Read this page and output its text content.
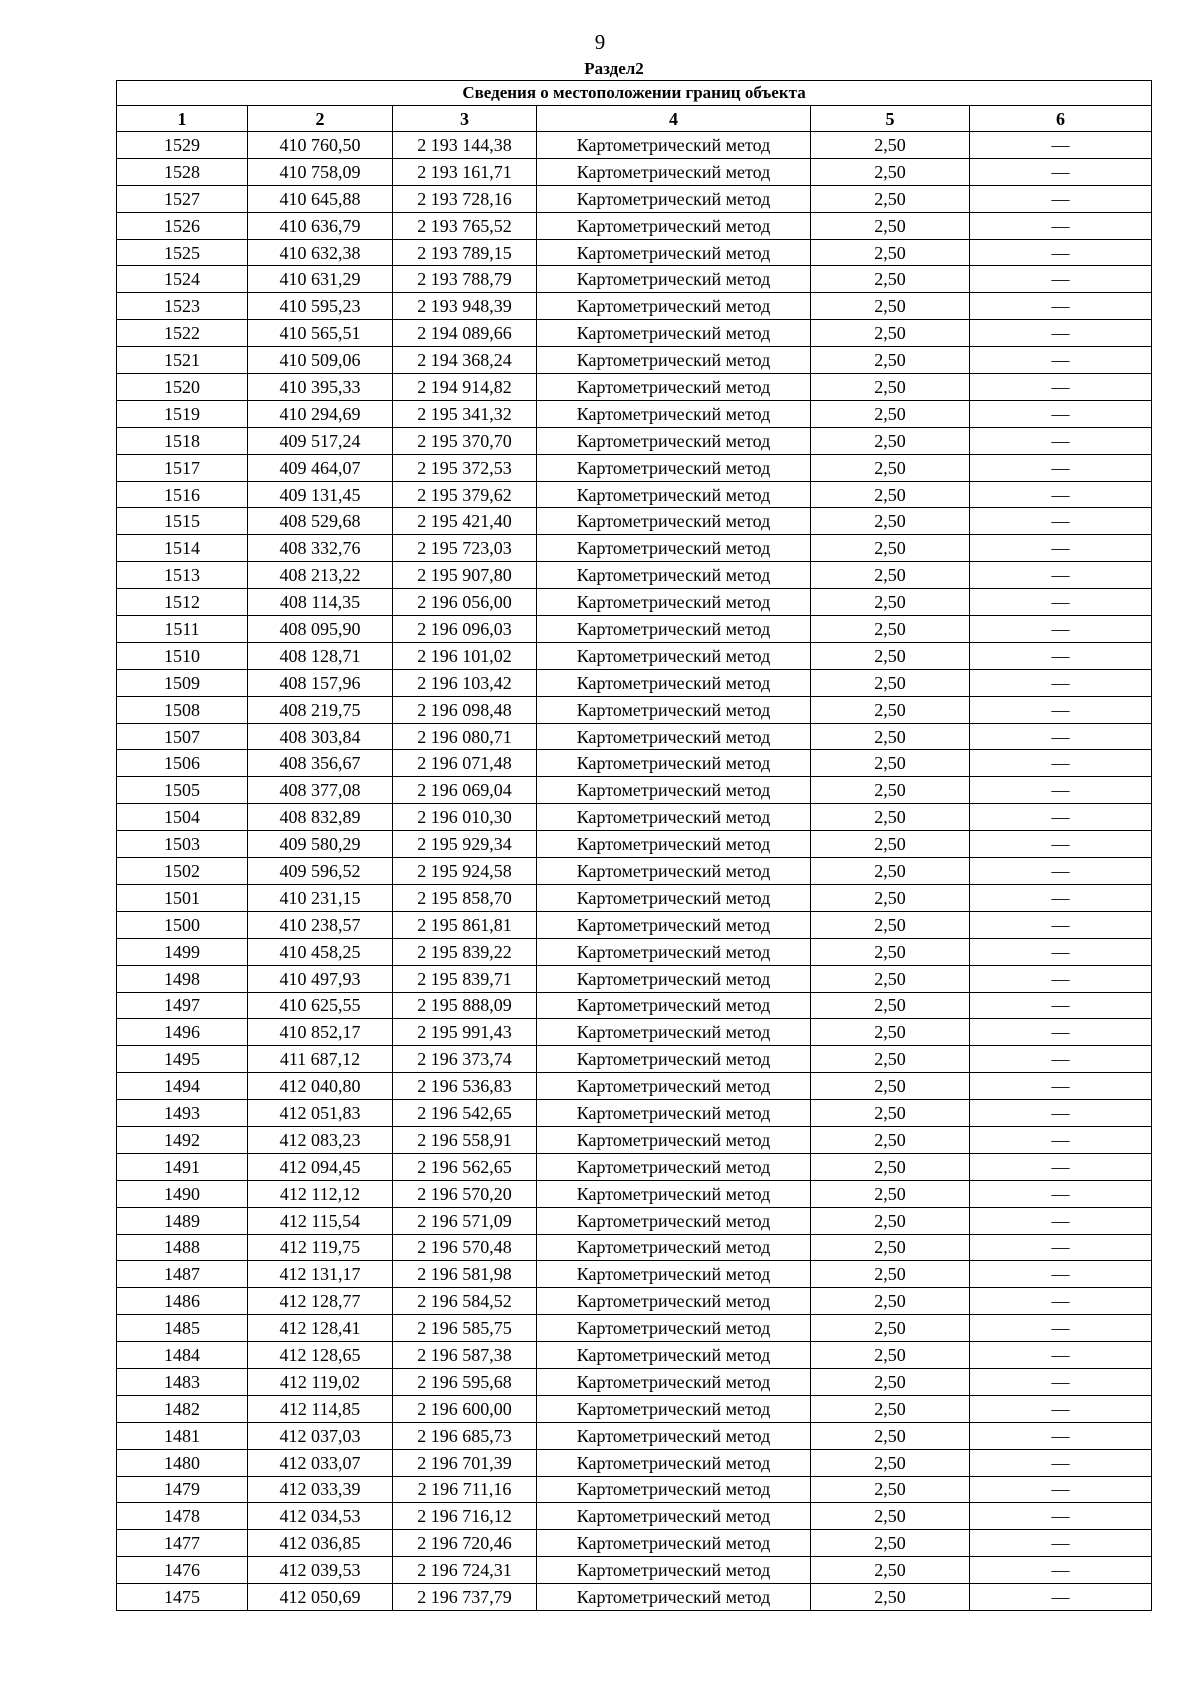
9
Раздел2
Сведения о местоположении границ объекта					
1	2	3	4	5	6
1529	410 760,50	2 193 144,38	Картометрический метод	2,50	—
1528	410 758,09	2 193 161,71	Картометрический метод	2,50	—
1527	410 645,88	2 193 728,16	Картометрический метод	2,50	—
1526	410 636,79	2 193 765,52	Картометрический метод	2,50	—
1525	410 632,38	2 193 789,15	Картометрический метод	2,50	—
1524	410 631,29	2 193 788,79	Картометрический метод	2,50	—
1523	410 595,23	2 193 948,39	Картометрический метод	2,50	—
1522	410 565,51	2 194 089,66	Картометрический метод	2,50	—
1521	410 509,06	2 194 368,24	Картометрический метод	2,50	—
1520	410 395,33	2 194 914,82	Картометрический метод	2,50	—
1519	410 294,69	2 195 341,32	Картометрический метод	2,50	—
1518	409 517,24	2 195 370,70	Картометрический метод	2,50	—
1517	409 464,07	2 195 372,53	Картометрический метод	2,50	—
1516	409 131,45	2 195 379,62	Картометрический метод	2,50	—
1515	408 529,68	2 195 421,40	Картометрический метод	2,50	—
1514	408 332,76	2 195 723,03	Картометрический метод	2,50	—
1513	408 213,22	2 195 907,80	Картометрический метод	2,50	—
1512	408 114,35	2 196 056,00	Картометрический метод	2,50	—
1511	408 095,90	2 196 096,03	Картометрический метод	2,50	—
1510	408 128,71	2 196 101,02	Картометрический метод	2,50	—
1509	408 157,96	2 196 103,42	Картометрический метод	2,50	—
1508	408 219,75	2 196 098,48	Картометрический метод	2,50	—
1507	408 303,84	2 196 080,71	Картометрический метод	2,50	—
1506	408 356,67	2 196 071,48	Картометрический метод	2,50	—
1505	408 377,08	2 196 069,04	Картометрический метод	2,50	—
1504	408 832,89	2 196 010,30	Картометрический метод	2,50	—
1503	409 580,29	2 195 929,34	Картометрический метод	2,50	—
1502	409 596,52	2 195 924,58	Картометрический метод	2,50	—
1501	410 231,15	2 195 858,70	Картометрический метод	2,50	—
1500	410 238,57	2 195 861,81	Картометрический метод	2,50	—
1499	410 458,25	2 195 839,22	Картометрический метод	2,50	—
1498	410 497,93	2 195 839,71	Картометрический метод	2,50	—
1497	410 625,55	2 195 888,09	Картометрический метод	2,50	—
1496	410 852,17	2 195 991,43	Картометрический метод	2,50	—
1495	411 687,12	2 196 373,74	Картометрический метод	2,50	—
1494	412 040,80	2 196 536,83	Картометрический метод	2,50	—
1493	412 051,83	2 196 542,65	Картометрический метод	2,50	—
1492	412 083,23	2 196 558,91	Картометрический метод	2,50	—
1491	412 094,45	2 196 562,65	Картометрический метод	2,50	—
1490	412 112,12	2 196 570,20	Картометрический метод	2,50	—
1489	412 115,54	2 196 571,09	Картометрический метод	2,50	—
1488	412 119,75	2 196 570,48	Картометрический метод	2,50	—
1487	412 131,17	2 196 581,98	Картометрический метод	2,50	—
1486	412 128,77	2 196 584,52	Картометрический метод	2,50	—
1485	412 128,41	2 196 585,75	Картометрический метод	2,50	—
1484	412 128,65	2 196 587,38	Картометрический метод	2,50	—
1483	412 119,02	2 196 595,68	Картометрический метод	2,50	—
1482	412 114,85	2 196 600,00	Картометрический метод	2,50	—
1481	412 037,03	2 196 685,73	Картометрический метод	2,50	—
1480	412 033,07	2 196 701,39	Картометрический метод	2,50	—
1479	412 033,39	2 196 711,16	Картометрический метод	2,50	—
1478	412 034,53	2 196 716,12	Картометрический метод	2,50	—
1477	412 036,85	2 196 720,46	Картометрический метод	2,50	—
1476	412 039,53	2 196 724,31	Картометрический метод	2,50	—
1475	412 050,69	2 196 737,79	Картометрический метод	2,50	—
